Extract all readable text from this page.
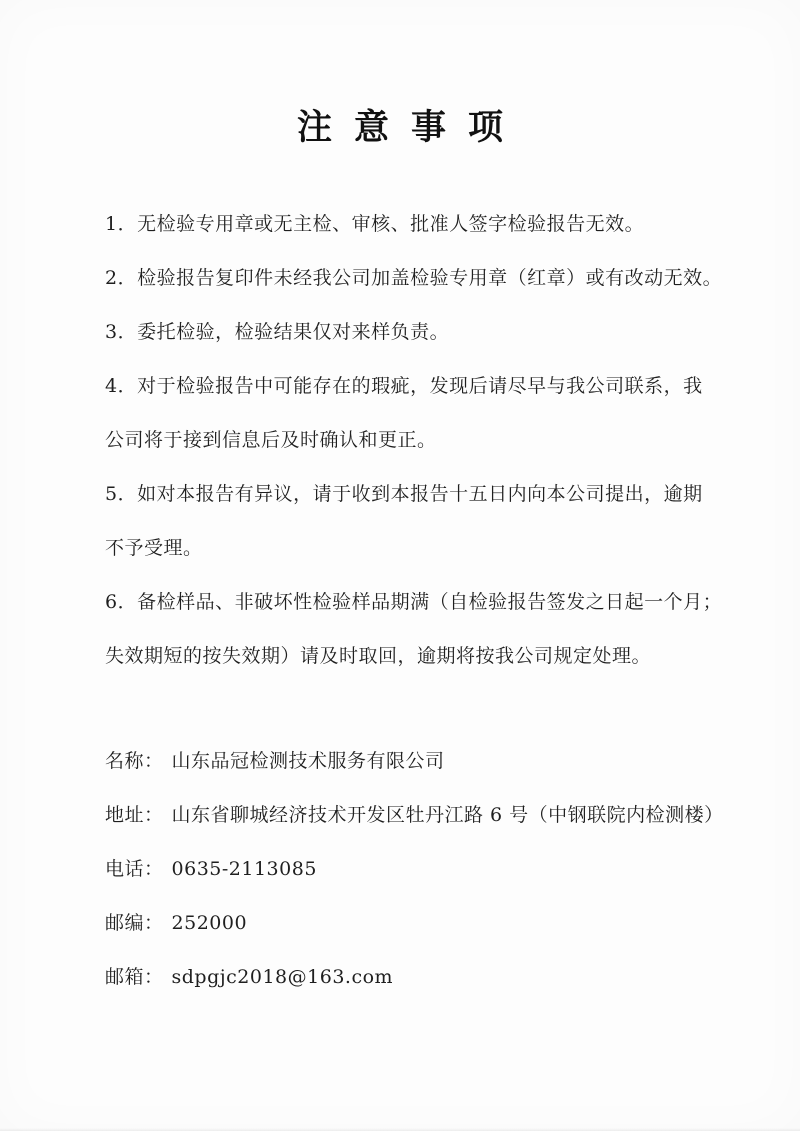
注意事项
1．无检验专用章或无主检、审核、批准人签字检验报告无效。
2．检验报告复印件未经我公司加盖检验专用章（红章）或有改动无效。
3．委托检验，检验结果仅对来样负责。
4．对于检验报告中可能存在的瑕疵，发现后请尽早与我公司联系，我
公司将于接到信息后及时确认和更正。
5．如对本报告有异议，请于收到本报告十五日内向本公司提出，逾期
不予受理。
6．备检样品、非破坏性检验样品期满（自检验报告签发之日起一个月；
失效期短的按失效期）请及时取回，逾期将按我公司规定处理。
名称： 山东品冠检测技术服务有限公司
地址： 山东省聊城经济技术开发区牡丹江路 6 号（中钢联院内检测楼）
电话： 0635-2113085
邮编： 252000
邮箱： sdpgjc2018@163.com
